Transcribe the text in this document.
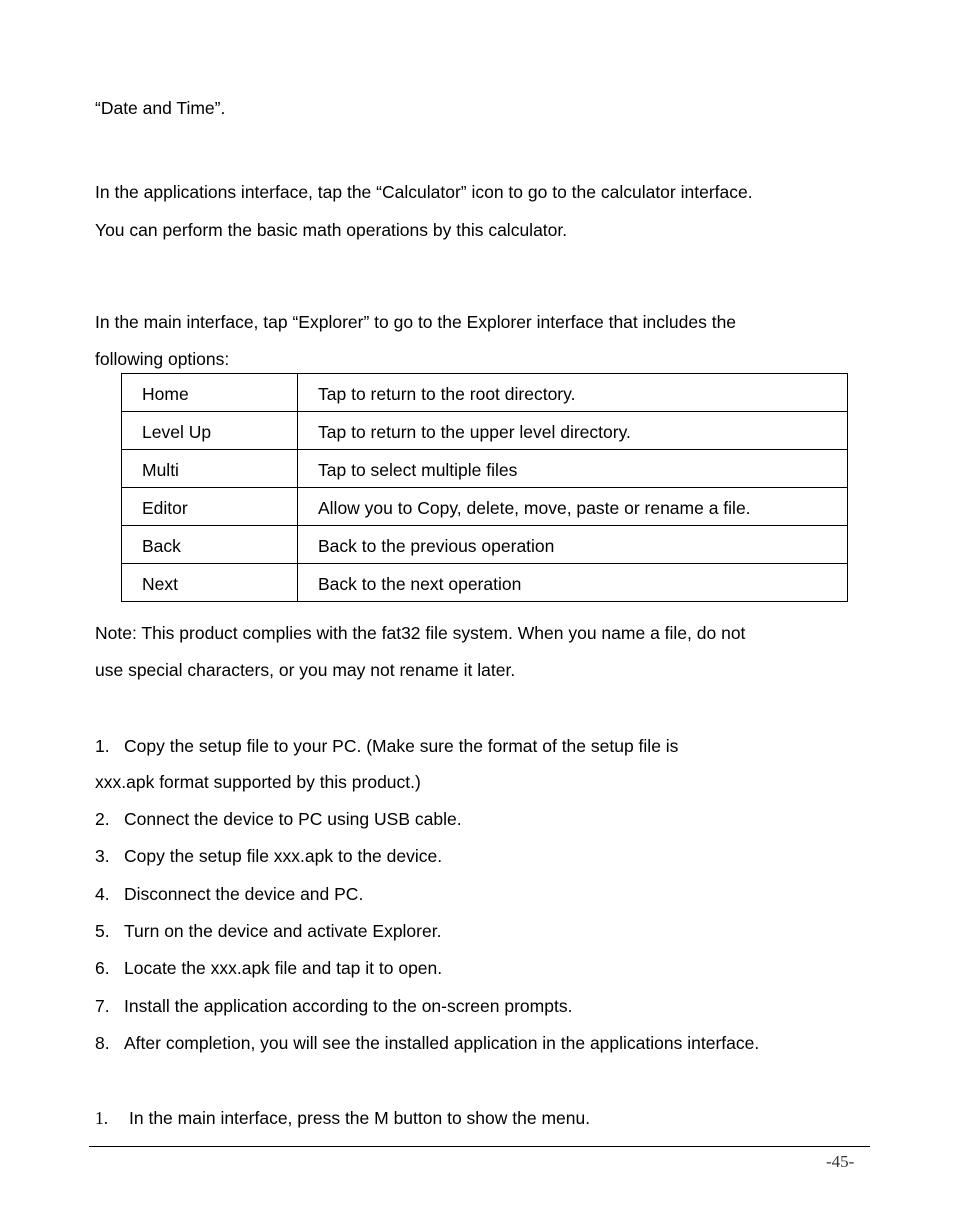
“Date and Time”.
In the applications interface, tap the “Calculator” icon to go to the calculator interface.
You can perform the basic math operations by this calculator.
In the main interface, tap “Explorer” to go to the Explorer interface that includes the
following options:
Home	Tap to return to the root directory.
Level Up	Tap to return to the upper level directory.
Multi	Tap to select multiple files
Editor	Allow you to Copy, delete, move, paste or rename a file.
Back	Back to the previous operation
Next	Back to the next operation
Note: This product complies with the fat32 file system. When you name a file, do not
use special characters, or you may not rename it later.
1. Copy the setup file to your PC. (Make sure the format of the setup file is
xxx.apk format supported by this product.)
2. Connect the device to PC using USB cable.
3. Copy the setup file xxx.apk to the device.
4. Disconnect the device and PC.
5. Turn on the device and activate Explorer.
6. Locate the xxx.apk file and tap it to open.
7. Install the application according to the on-screen prompts.
8. After completion, you will see the installed application in the applications interface.
1. In the main interface, press the M button to show the menu.
-45-
